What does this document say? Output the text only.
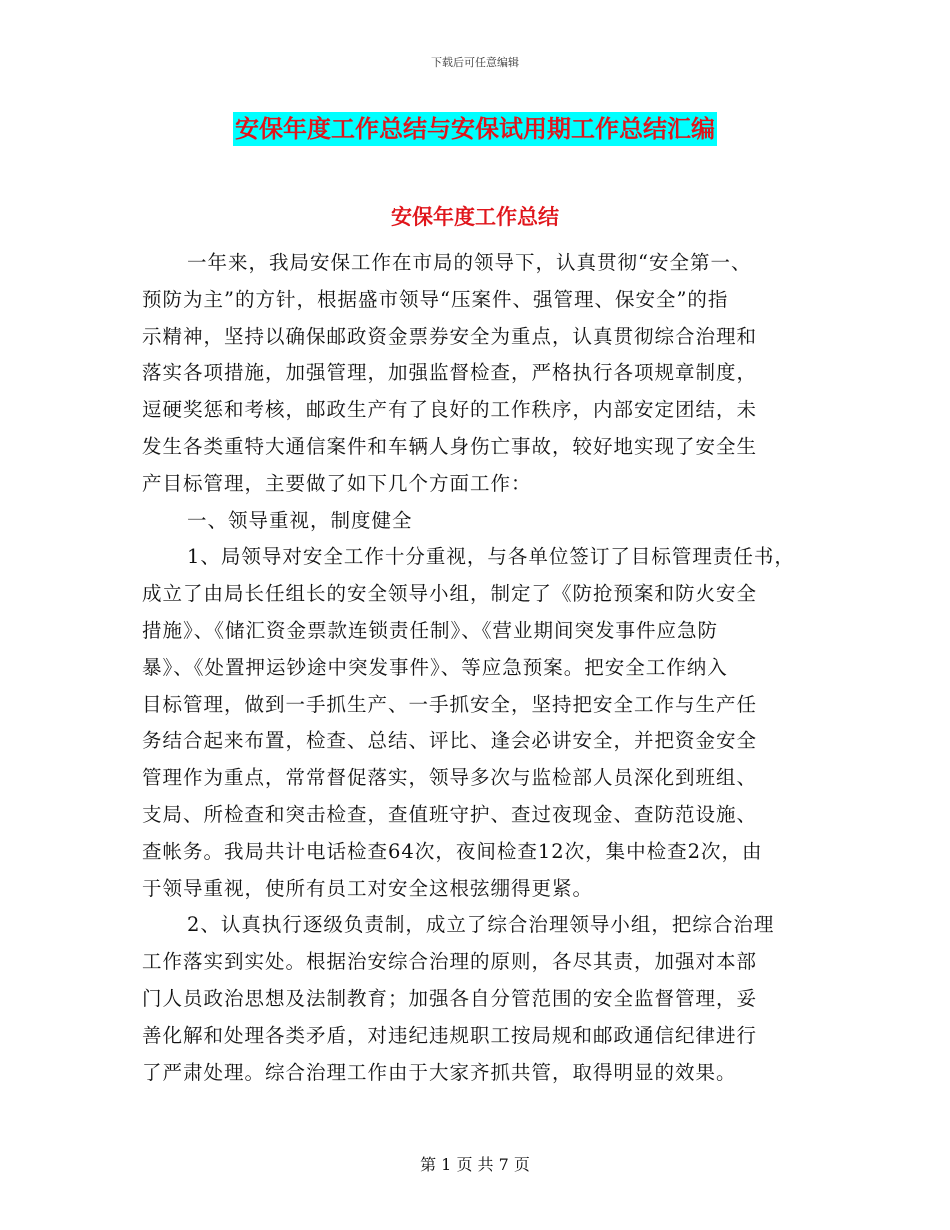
下载后可任意编辑
安保年度工作总结与安保试用期工作总结汇编
安保年度工作总结
一年来，我局安保工作在市局的领导下，认真贯彻“安全第一、
预防为主”的方针，根据盛市领导“压案件、强管理、保安全”的指
示精神，坚持以确保邮政资金票券安全为重点，认真贯彻综合治理和
落实各项措施，加强管理，加强监督检查，严格执行各项规章制度，
逗硬奖惩和考核，邮政生产有了良好的工作秩序，内部安定团结，未
发生各类重特大通信案件和车辆人身伤亡事故，较好地实现了安全生
产目标管理，主要做了如下几个方面工作：
一、领导重视，制度健全
1、局领导对安全工作十分重视，与各单位签订了目标管理责任书，
成立了由局长任组长的安全领导小组，制定了《防抢预案和防火安全
措施》、《储汇资金票款连锁责任制》、《营业期间突发事件应急防
暴》、《处置押运钞途中突发事件》、等应急预案。把安全工作纳入
目标管理，做到一手抓生产、一手抓安全，坚持把安全工作与生产任
务结合起来布置，检查、总结、评比、逢会必讲安全，并把资金安全
管理作为重点，常常督促落实，领导多次与监检部人员深化到班组、
支局、所检查和突击检查，查值班守护、查过夜现金、查防范设施、
查帐务。我局共计电话检查64次，夜间检查12次，集中检查2次，由
于领导重视，使所有员工对安全这根弦绷得更紧。
2、认真执行逐级负责制，成立了综合治理领导小组，把综合治理
工作落实到实处。根据治安综合治理的原则，各尽其责，加强对本部
门人员政治思想及法制教育；加强各自分管范围的安全监督管理，妥
善化解和处理各类矛盾，对违纪违规职工按局规和邮政通信纪律进行
了严肃处理。综合治理工作由于大家齐抓共管，取得明显的效果。
第 1 页 共 7 页
